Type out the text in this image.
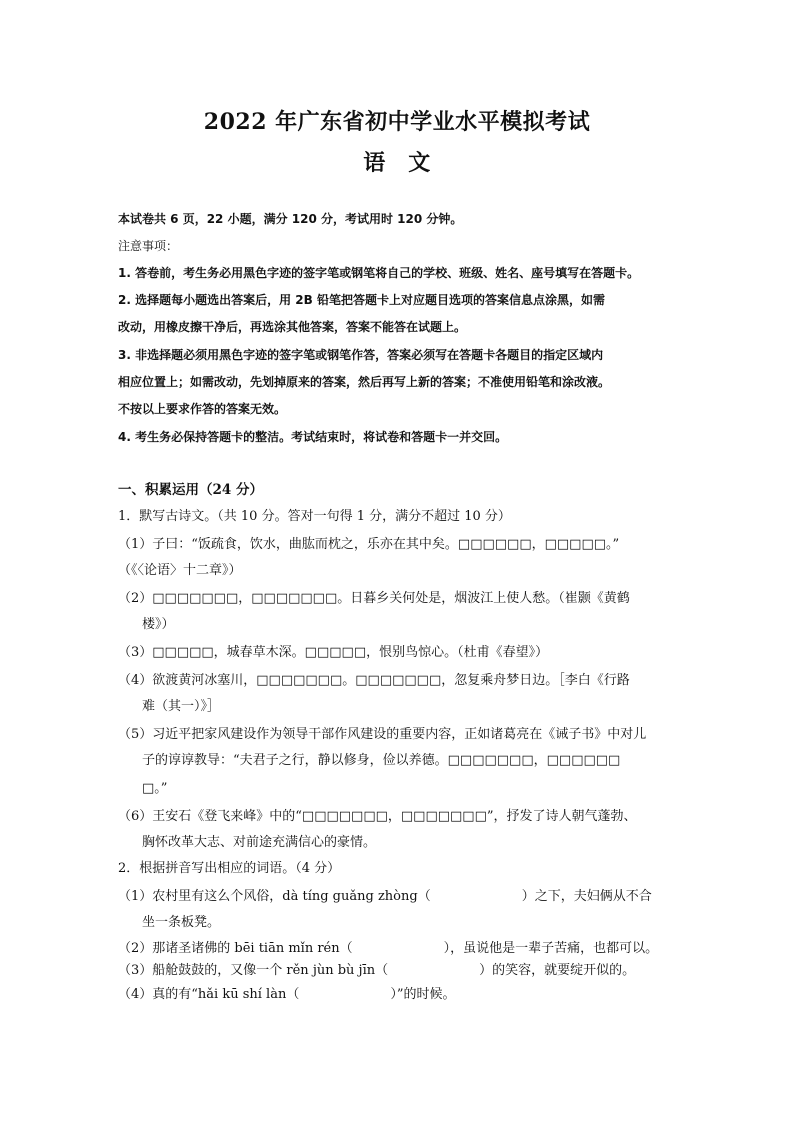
2022 年广东省初中学业水平模拟考试
语　文
本试卷共 6 页，22 小题，满分 120 分，考试用时 120 分钟。
注意事项：
1. 答卷前，考生务必用黑色字迹的签字笔或钢笔将自己的学校、班级、姓名、座号填写在答题卡。
2. 选择题每小题选出答案后，用 2B 铅笔把答题卡上对应题目选项的答案信息点涂黑，如需
改动，用橡皮擦干净后，再选涂其他答案，答案不能答在试题上。
3. 非选择题必须用黑色字迹的签字笔或钢笔作答，答案必须写在答题卡各题目的指定区域内
相应位置上；如需改动，先划掉原来的答案，然后再写上新的答案；不准使用铅笔和涂改液。
不按以上要求作答的答案无效。
4. 考生务必保持答题卡的整洁。考试结束时，将试卷和答题卡一并交回。
一、积累运用（24 分）
1．默写古诗文。（共 10 分。答对一句得 1 分，满分不超过 10 分）
（1）子曰：“饭疏食，饮水，曲肱而枕之，乐亦在其中矣。□□□□□□，□□□□□。”
（《〈论语〉十二章》）
（2）□□□□□□□，□□□□□□□。日暮乡关何处是，烟波江上使人愁。（崔颢《黄鹤
楼》）
（3）□□□□□，城春草木深。□□□□□，恨别鸟惊心。（杜甫《春望》）
（4）欲渡黄河冰塞川，□□□□□□□。□□□□□□□，忽复乘舟梦日边。［李白《行路
难（其一）》］
（5）习近平把家风建设作为领导干部作风建设的重要内容，正如诸葛亮在《诫子书》中对儿
子的谆谆教导：“夫君子之行，静以修身，俭以养德。□□□□□□□，□□□□□□
□。”
（6）王安石《登飞来峰》中的“□□□□□□□，□□□□□□□”，抒发了诗人朝气蓬勃、
胸怀改革大志、对前途充满信心的豪情。
2．根据拼音写出相应的词语。（4 分）
（1）农村里有这么个风俗，dà tíng guǎng zhòng（　　　　　　　）之下，夫妇俩从不合
坐一条板凳。
（2）那诸圣诸佛的 bēi tiān mǐn rén（　　　　　　　），虽说他是一辈子苦痛，也都可以。
（3）船舱鼓鼓的，又像一个 rěn jùn bù jīn（　　　　　　　）的笑容，就要绽开似的。
（4）真的有“hǎi kū shí làn（　　　　　　　）”的时候。
